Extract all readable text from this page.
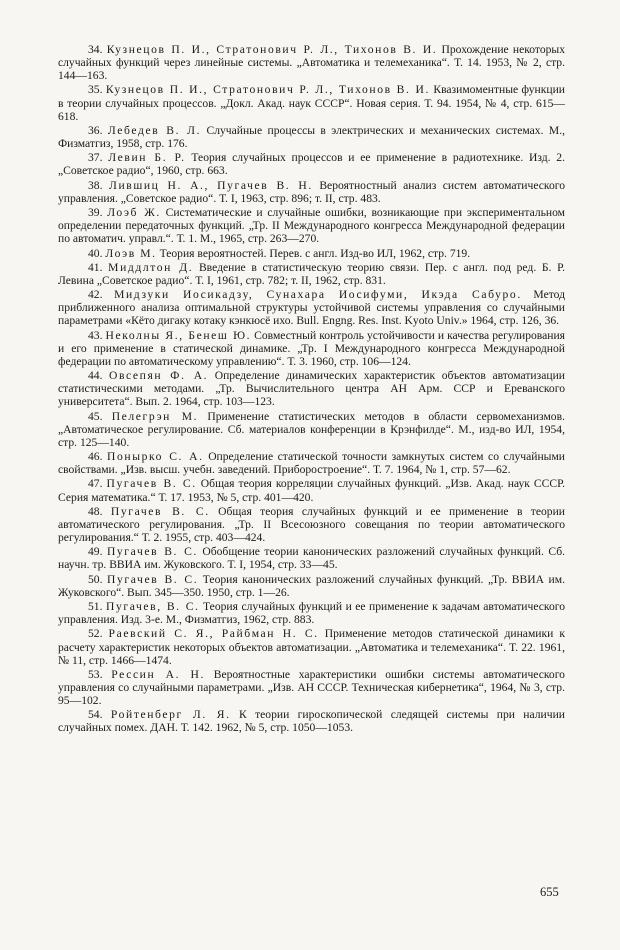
34. Кузнецов П. И., Стратонович Р. Л., Тихонов В. И. Прохождение некоторых случайных функций через линейные системы. „Автоматика и телемеханика“. Т. 14. 1953, № 2, стр. 144—163.

35. Кузнецов П. И., Стратонович Р. Л., Тихонов В. И. Квазимоментные функции в теории случайных процессов. „Докл. Акад. наук СССР“. Новая серия. Т. 94. 1954, № 4, стр. 615—618.

36. Лебедев В. Л. Случайные процессы в электрических и механических системах. М., Физматгиз, 1958, стр. 176.

37. Левин Б. Р. Теория случайных процессов и ее применение в радиотехнике. Изд. 2. „Советское радио“, 1960, стр. 663.

38. Лившиц Н. А., Пугачев В. Н. Вероятностный анализ систем автоматического управления. „Советское радио“. Т. I, 1963, стр. 896; т. II, стр. 483.

39. Лоэб Ж. Систематические и случайные ошибки, возникающие при экспериментальном определении передаточных функций. „Тр. II Международного конгресса Международной федерации по автоматич. управл.“. Т. 1. М., 1965, стр. 263—270.

40. Лоэв М. Теория вероятностей. Перев. с англ. Изд-во ИЛ, 1962, стр. 719.

41. Миддлтон Д. Введение в статистическую теорию связи. Пер. с англ. под ред. Б. Р. Левина „Советское радио“. Т. I, 1961, стр. 782; т. II, 1962, стр. 831.

42. Мидзуки Иосикадзу, Сунахара Иосифуми, Икэда Сабуро. Метод приближенного анализа оптимальной структуры устойчивой системы управления со случайными параметрами «Кёто дигаку котаку кэнкюсё ихо. Bull. Engng. Res. Inst. Kyoto Univ.» 1964, стр. 126, 36.

43. Неколны Я., Бенеш Ю. Совместный контроль устойчивости и качества регулирования и его применение в статической динамике. „Тр. I Международного конгресса Международной федерации по автоматическому управлению“. Т. 3. 1960, стр. 106—124.

44. Овсепян Ф. А. Определение динамических характеристик объектов автоматизации статистическими методами. „Тр. Вычислительного центра АН Арм. ССР и Ереванского университета“. Вып. 2. 1964, стр. 103—123.

45. Пелегрэн М. Применение статистических методов в области сервомеханизмов. „Автоматическое регулирование. Сб. материалов конференции в Крэнфилде“. М., изд-во ИЛ, 1954, стр. 125—140.

46. Понырко С. А. Определение статической точности замкнутых систем со случайными свойствами. „Изв. высш. учебн. заведений. Приборостроение“. Т. 7. 1964, № 1, стр. 57—62.

47. Пугачев В. С. Общая теория корреляции случайных функций. „Изв. Акад. наук СССР. Серия математика.“ Т. 17. 1953, № 5, стр. 401—420.

48. Пугачев В. С. Общая теория случайных функций и ее применение в теории автоматического регулирования. „Тр. II Всесоюзного совещания по теории автоматического регулирования.“ Т. 2. 1955, стр. 403—424.

49. Пугачев В. С. Обобщение теории канонических разложений случайных функций. Сб. научн. тр. ВВИА им. Жуковского. Т. I, 1954, стр. 33—45.

50. Пугачев В. С. Теория канонических разложений случайных функций. „Тр. ВВИА им. Жуковского“. Вып. 345—350. 1950, стр. 1—26.

51. Пугачев, В. С. Теория случайных функций и ее применение к задачам автоматического управления. Изд. 3-е. М., Физматгиз, 1962, стр. 883.

52. Раевский С. Я., Райбман Н. С. Применение методов статической динамики к расчету характеристик некоторых объектов автоматизации. „Автоматика и телемеханика“. Т. 22. 1961, № 11, стр. 1466—1474.

53. Рессин А. Н. Вероятностные характеристики ошибки системы автоматического управления со случайными параметрами. „Изв. АН СССР. Техническая кибернетика“, 1964, № 3, стр. 95—102.

54. Ройтенберг Л. Я. К теории гироскопической следящей системы при наличии случайных помех. ДАН. Т. 142. 1962, № 5, стр. 1050—1053.

655
